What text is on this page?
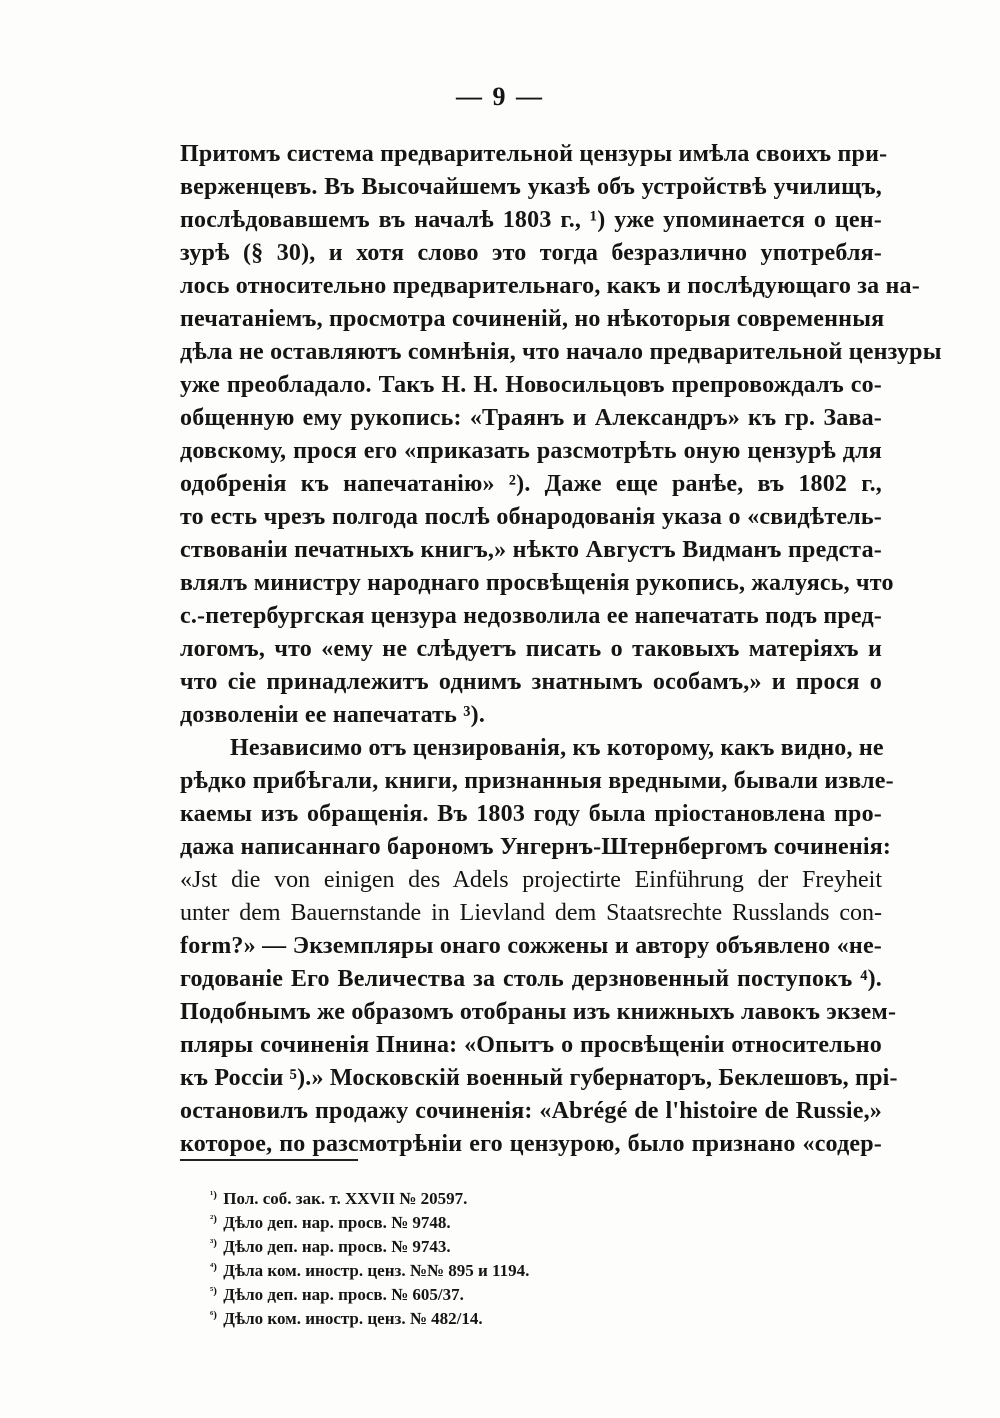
— 9 —
Притомъ система предварительной цензуры имѣла своихъ при-
верженцевъ. Въ Высочайшемъ указѣ объ устройствѣ училищъ,
послѣдовавшемъ въ началѣ 1803 г., ¹) уже упоминается о цен-
зурѣ (§ 30), и хотя слово это тогда безразлично употребля-
лось относительно предварительнаго, какъ и послѣдующаго за на-
печатаніемъ, просмотра сочиненій, но нѣкоторыя современныя
дѣла не оставляютъ сомнѣнія, что начало предварительной цензуры
уже преобладало. Такъ Н. Н. Новосильцовъ препровождалъ со-
общенную ему рукопись: «Траянъ и Александръ» къ гр. Зава-
довскому, прося его «приказать разсмотрѣть оную цензурѣ для
одобренія къ напечатанію» ²). Даже еще ранѣе, въ 1802 г.,
то есть чрезъ полгода послѣ обнародованія указа о «свидѣтель-
ствованіи печатныхъ книгъ,» нѣкто Августъ Видманъ предста-
влялъ министру народнаго просвѣщенія рукопись, жалуясь, что
с.-петербургская цензура недозволила ее напечатать подъ пред-
логомъ, что «ему не слѣдуетъ писать о таковыхъ матеріяхъ и
что сіе принадлежитъ однимъ знатнымъ особамъ,» и прося о
дозволеніи ее напечатать ³).
Независимо отъ цензированія, къ которому, какъ видно, не
рѣдко прибѣгали, книги, признанныя вредными, бывали извле-
каемы изъ обращенія. Въ 1803 году была пріостановлена про-
дажа написаннаго барономъ Унгернъ-Штернбергомъ сочиненія:
«Jst die von einigen des Adels projectirte Einführung der Freyheit
unter dem Bauernstande in Lievland dem Staatsrechte Russlands con-
form?» — Экземпляры онаго сожжены и автору объявлено «не-
годованіе Его Величества за столь дерзновенный поступокъ ⁴).
Подобнымъ же образомъ отобраны изъ книжныхъ лавокъ экзем-
пляры сочиненія Пнина: «Опытъ о просвѣщеніи относительно
къ Россіи ⁵).» Московскій военный губернаторъ, Беклешовъ, прі-
остановилъ продажу сочиненія: «Abrégé de l'histoire de Russie,»
которое, по разсмотрѣніи его цензурою, было признано «содер-
$^{^1)}$ Пол. соб. зак. т. XXVII № 20597.
$^{^2)}$ Дѣло деп. нар. просв. № 9748.
$^{^3)}$ Дѣло деп. нар. просв. № 9743.
$^{^4)}$ Дѣла ком. иностр. ценз. №№ 895 и 1194.
$^{^5)}$ Дѣло деп. нар. просв. № 605/37.
$^{^6)}$ Дѣло ком. иностр. ценз. № 482/14.
